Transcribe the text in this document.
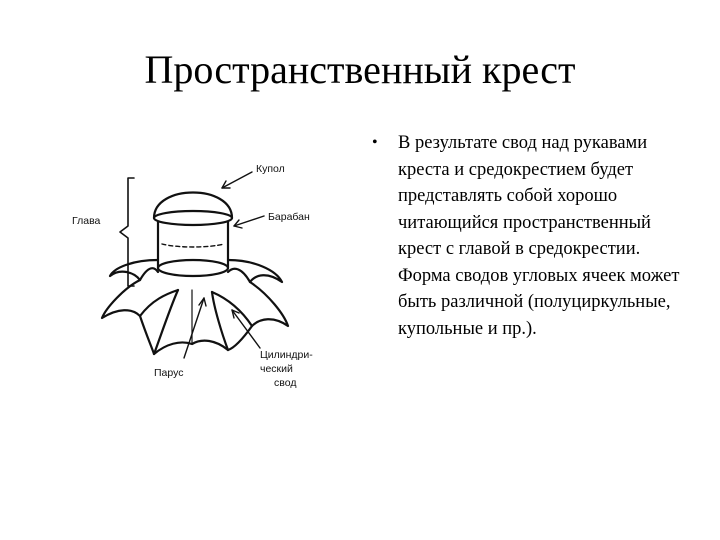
Пространственный крест
Купол
Барабан
Глава
Парус
Цилиндри-
ческий
свод
• В результате свод над рукавами креста и средокрестием будет представлять собой хорошо читающийся пространственный крест с главой в средокрестии. Форма сводов угловых ячеек может быть различной (полуциркульные, купольные и пр.).
